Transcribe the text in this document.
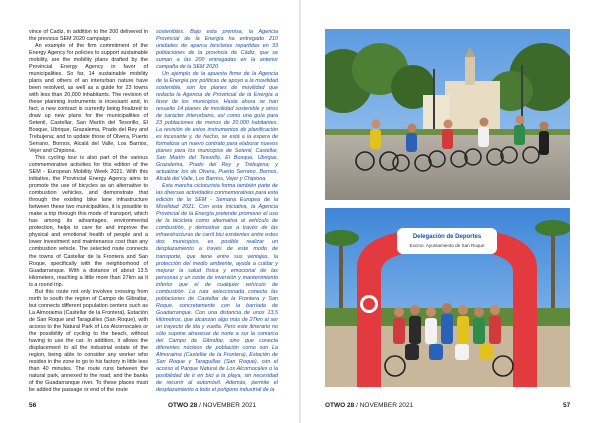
vince of Cadiz, in addition to the 200 delivered in the previous SEM 2020 campaign.

An example of the firm commitment of the Energy Agency for policies to support sustainable mobility, are the mobility plans drafted by the Provincial Energy Agency in favor of municipalities. So far, 14 sustainable mobility plans and others of an interurban nature have been resolved, as well as a guide for 23 towns with less than 20,000 inhabitants. The revision of these planning instruments is incessant and, in fact, a new contract is currently being finalized to draw up new plans for the municipalities of Setenil, Castellar, San Martín del Tesorillo, El Bosque, Ubrique, Grazalema, Prado del Rey and Trebujena; and to update those of Olvera, Puerto Serrano, Bornos, Alcalá del Valle, Los Barrios, Vejer and Chipiona.

This cycling tour is also part of the various commemorative activities for this edition of the SEM - European Mobility Week 2021. With this initiative, the Provincial Energy Agency aims to promote the use of bicycles as an alternative to combustion vehicles, and demonstrate that through the existing bike lane infrastructure between these two municipalities, it is possible to make a trip through this mode of transport, which has among its advantages, environmental protection, helps to care for and improve the physical and emotional health of people and a lower investment and maintenance cost than any combustion vehicle. The selected route connects the towns of Castellar de la Frontera and San Roque, specifically with the neighborhood of Guadarranque. With a distance of about 13.5 kilometers, reaching a little more than 27km as it is a round trip.

But this route not only involves crossing from north to south the region of Campo de Gibraltar, but connects different population centers such as La Almoraima (Castellar de la Frontera), Estación de San Roque and Taraguilles (San Roque), with access to the Natural Park of Los Alcornocales or the possibility of cycling to the beach, without having to use the car. In addition, it allows the displacement to all the industrial estate of the region, being able to consider any worker who resides in the zone to go to his factory in little less than 40 minutes. The route runs between the natural park, annexed to the road, and the banks of the Guadarranque river. To these places must be added the passage or end of the route

sostenibles. Bajo esta premisa, la Agencia Provincial de la Energía ha entregado 210 unidades de aparca bicicletas repartidas en 33 poblaciones de la provincia de Cádiz, que se suman a las 200 entregadas en la anterior campaña de la SEM 2020.

Un ejemplo de la apuesta firme de la Agencia de la Energía por políticas de apoyo a la movilidad sostenible, son los planes de movilidad que redacta la Agencia de Provincial de la Energía a favor de los municipios. Hasta ahora se han resuelto 14 planes de movilidad sostenible y otros de carácter interurbano, así como una guía para 23 poblaciones de menos de 20.000 habitantes. La revisión de estos instrumentos de planificación es incesante y, de hecho, se está a la espera de formalizar un nuevo contrato para elaborar nuevos planes para los municipios de Setenil, Castellar, San Martín del Tesorillo, El Bosque, Ubrique, Grazalema, Prado del Rey y Trebujena; y actualizar los de Olvera, Puerto Serrano, Bornos, Alcalá del Valle, Los Barrios, Vejer y Chipiona.

Esta marcha cicloturista forma también parte de las diversas actividades conmemorativas para esta edición de la SEM - Semana Europea de la Movilidad 2021. Con esta iniciativa, la Agencia Provincial de la Energía pretende promover el uso de la bicicleta como alternativa al vehículo de combustión, y demostrar que a través de las infraestructuras de carril bici existentes entre estos dos municipios, es posible realizar un desplazamiento a través de este modo de transporte, que tiene entre sus ventajas, la protección del medio ambiente, ayuda a cuidar y mejorar la salud física y emocional de las personas y un coste de inversión y mantenimiento inferior que el de cualquier vehículo de combustión. La ruta seleccionada conecta las poblaciones de Castellar de la Frontera y San Roque, concretamente con la barriada de Guadarranque. Con una distancia de unos 13,5 kilómetros, que alcanzan algo más de 27km al ser un trayecto de ida y vuelta. Pero este itinerario no sólo supone atravesar de norte a sur la comarca del Campo de Gibraltar, sino que conecta diferentes núcleos de población como son La Almoraima (Castellar de la Frontera), Estación de San Roque y Taraguillas (San Roque), con el acceso al Parque Natural de Los Alcornocales o la posibilidad de ir en bici a la playa, sin necesidad de recurrir al automóvil. Además, permite el desplazamiento a todo el polígono industrial de la

56	OTWO 28 / NOVEMBER 2021
Delegación de Deportes
Excmo. Ayuntamiento de San Roque
OTWO 28 / NOVEMBER 2021	57
